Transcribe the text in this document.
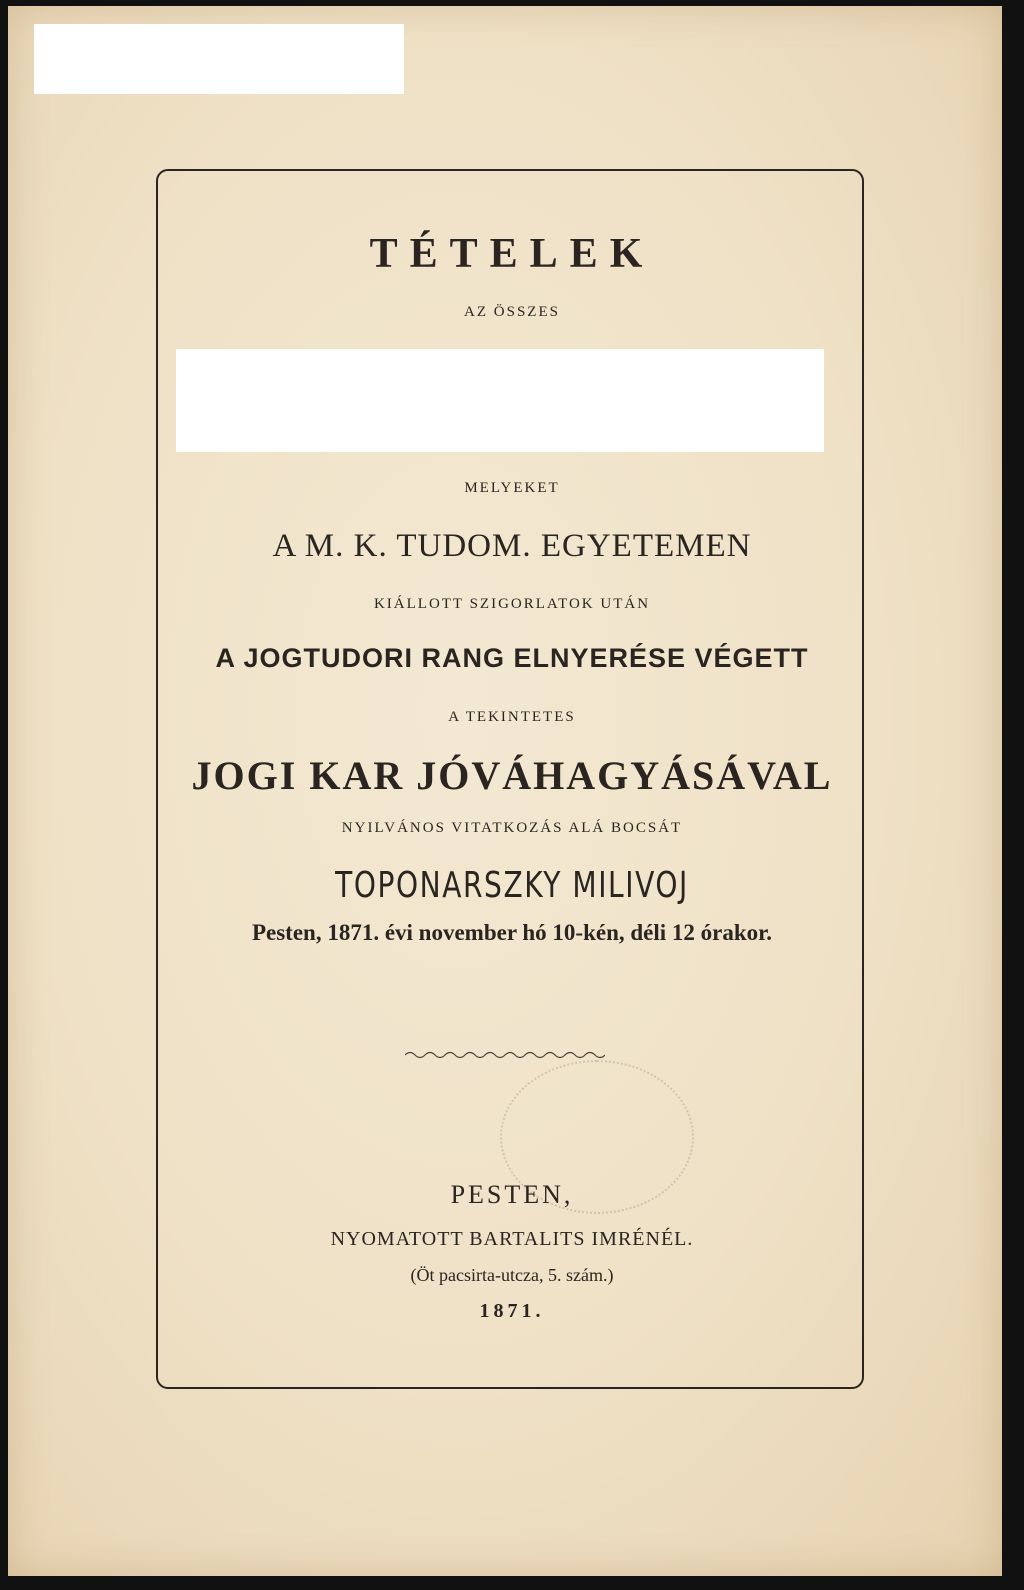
TÉTELEK
AZ ÖSSZES
MELYEKET
A M. K. TUDOM. EGYETEMEN
KIÁLLOTT SZIGORLATOK UTÁN
A JOGTUDORI RANG ELNYERÉSE VÉGETT
A TEKINTETES
JOGI KAR JÓVÁHAGYÁSÁVAL
NYILVÁNOS VITATKOZÁS ALÁ BOCSÁT
TOPONARSZKY MILIVOJ
Pesten, 1871. évi november hó 10-kén, déli 12 órakor.
PESTEN,
NYOMATOTT BARTALITS IMRÉNÉL.
(Öt pacsirta-utcza, 5. szám.)
1871.
